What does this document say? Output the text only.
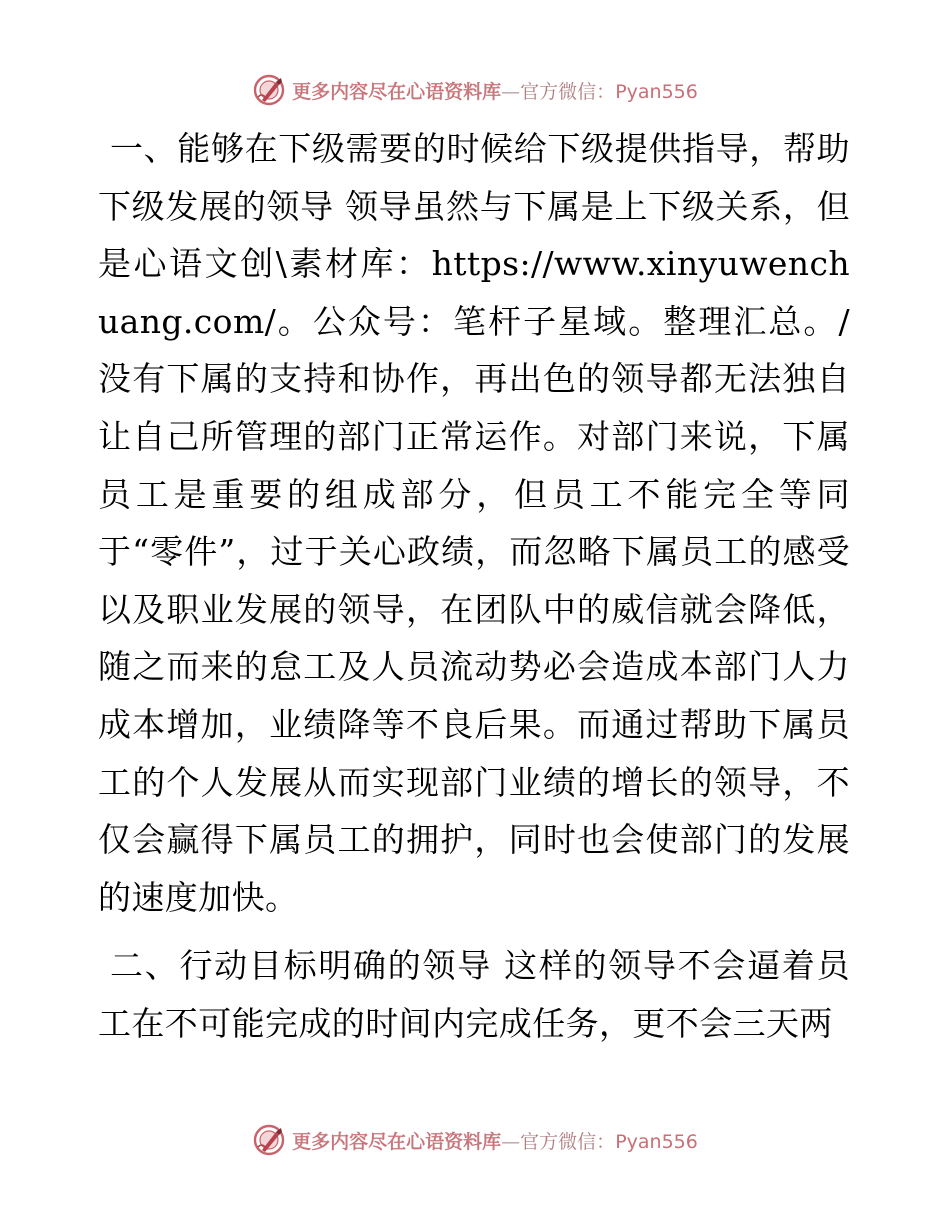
更多内容尽在心语资料库—官方微信：Pyan556

一、能够在下级需要的时候给下级提供指导，帮助下级发展的领导 领导虽然与下属是上下级关系，但是心语文创\素材库：https://www.xinyuwenchuang.com/。公众号：笔杆子星域。整理汇总。/没有下属的支持和协作，再出色的领导都无法独自让自己所管理的部门正常运作。对部门来说，下属员工是重要的组成部分，但员工不能完全等同于“零件”，过于关心政绩，而忽略下属员工的感受以及职业发展的领导，在团队中的威信就会降低，随之而来的怠工及人员流动势必会造成本部门人力成本增加，业绩降等不良后果。而通过帮助下属员工的个人发展从而实现部门业绩的增长的领导，不仅会赢得下属员工的拥护，同时也会使部门的发展的速度加快。

二、行动目标明确的领导 这样的领导不会逼着员工在不可能完成的时间内完成任务，更不会三天两

更多内容尽在心语资料库—官方微信：Pyan556
